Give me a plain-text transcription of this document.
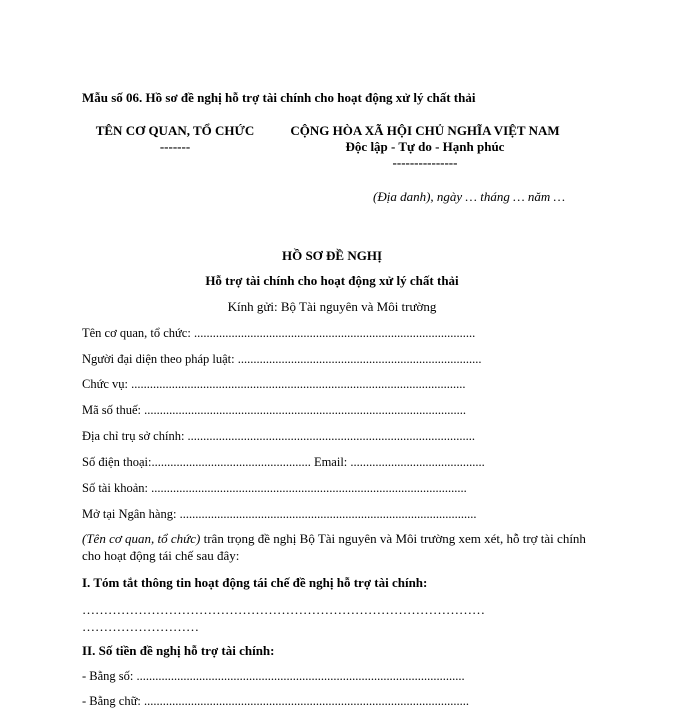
Mẫu số 06. Hồ sơ đề nghị hỗ trợ tài chính cho hoạt động xử lý chất thải
TÊN CƠ QUAN, TỔ CHỨC
-------
CỘNG HÒA XÃ HỘI CHỦ NGHĨA VIỆT NAM
Độc lập - Tự do - Hạnh phúc
---------------
(Địa danh), ngày … tháng … năm …
HỒ SƠ ĐỀ NGHỊ
Hỗ trợ tài chính cho hoạt động xử lý chất thải
Kính gửi: Bộ Tài nguyên và Môi trường
Tên cơ quan, tổ chức: ..........................................................................................
Người đại diện theo pháp luật: ..............................................................................
Chức vụ: ...........................................................................................................
Mã số thuế: .......................................................................................................
Địa chỉ trụ sở chính: ............................................................................................
Số điện thoại:................................................... Email: ...........................................
Số tài khoản: .....................................................................................................
Mở tại Ngân hàng: ...............................................................................................
(Tên cơ quan, tổ chức) trân trọng đề nghị Bộ Tài nguyên và Môi trường xem xét, hỗ trợ tài chính
cho hoạt động tái chế sau đây:
I. Tóm tắt thông tin hoạt động tái chế đề nghị hỗ trợ tài chính:
…………………………………………………………………………………
………………………
II. Số tiền đề nghị hỗ trợ tài chính:
- Bằng số: .........................................................................................................
- Bằng chữ: ........................................................................................................
